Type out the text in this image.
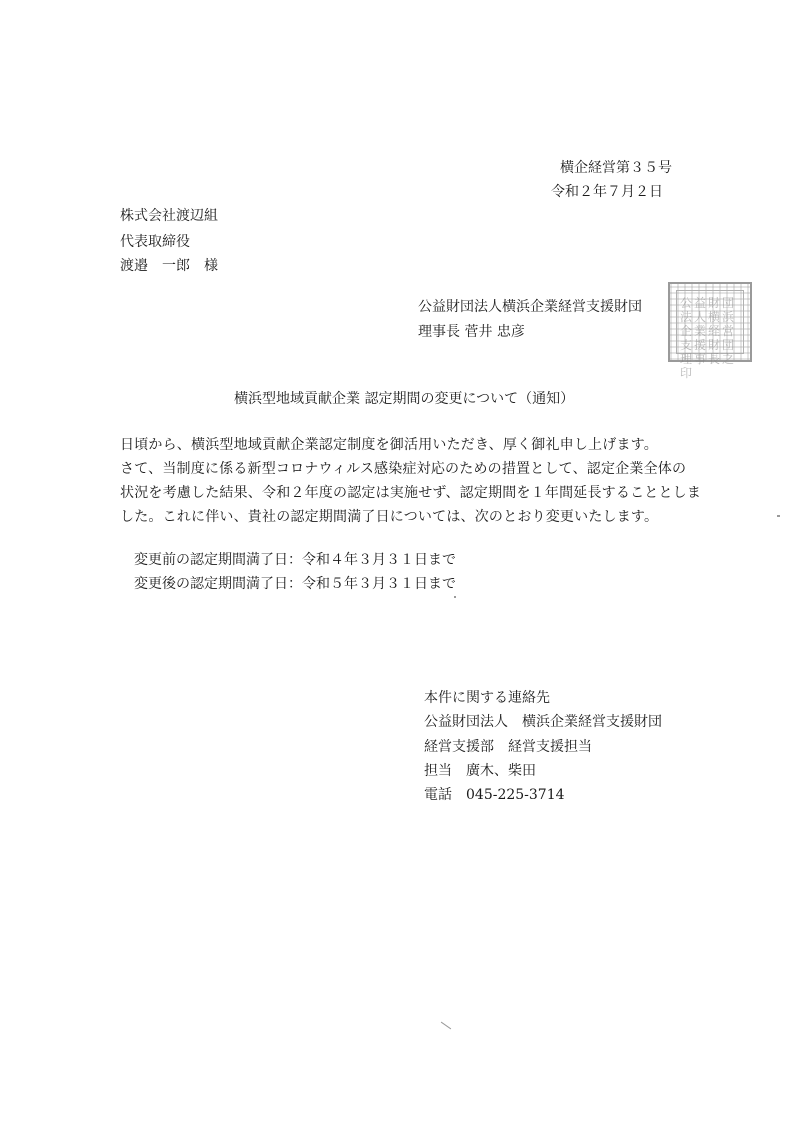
横企経営第３５号
令和２年７月２日
株式会社渡辺組
代表取締役
渡邉　一郎　様
公益財団法人横浜企業経営支援財団
理事長 菅井 忠彦
公益財団法人横浜企業経営支援財団理事長之印
横浜型地域貢献企業 認定期間の変更について（通知）
日頃から、横浜型地域貢献企業認定制度を御活用いただき、厚く御礼申し上げます。
さて、当制度に係る新型コロナウィルス感染症対応のための措置として、認定企業全体の
状況を考慮した結果、令和２年度の認定は実施せず、認定期間を１年間延長することとしま
した。これに伴い、貴社の認定期間満了日については、次のとおり変更いたします。
変更前の認定期間満了日：令和４年３月３１日まで
変更後の認定期間満了日：令和５年３月３１日まで
本件に関する連絡先
公益財団法人　横浜企業経営支援財団
経営支援部　経営支援担当
担当　廣木、柴田
電話　045-225-3714
